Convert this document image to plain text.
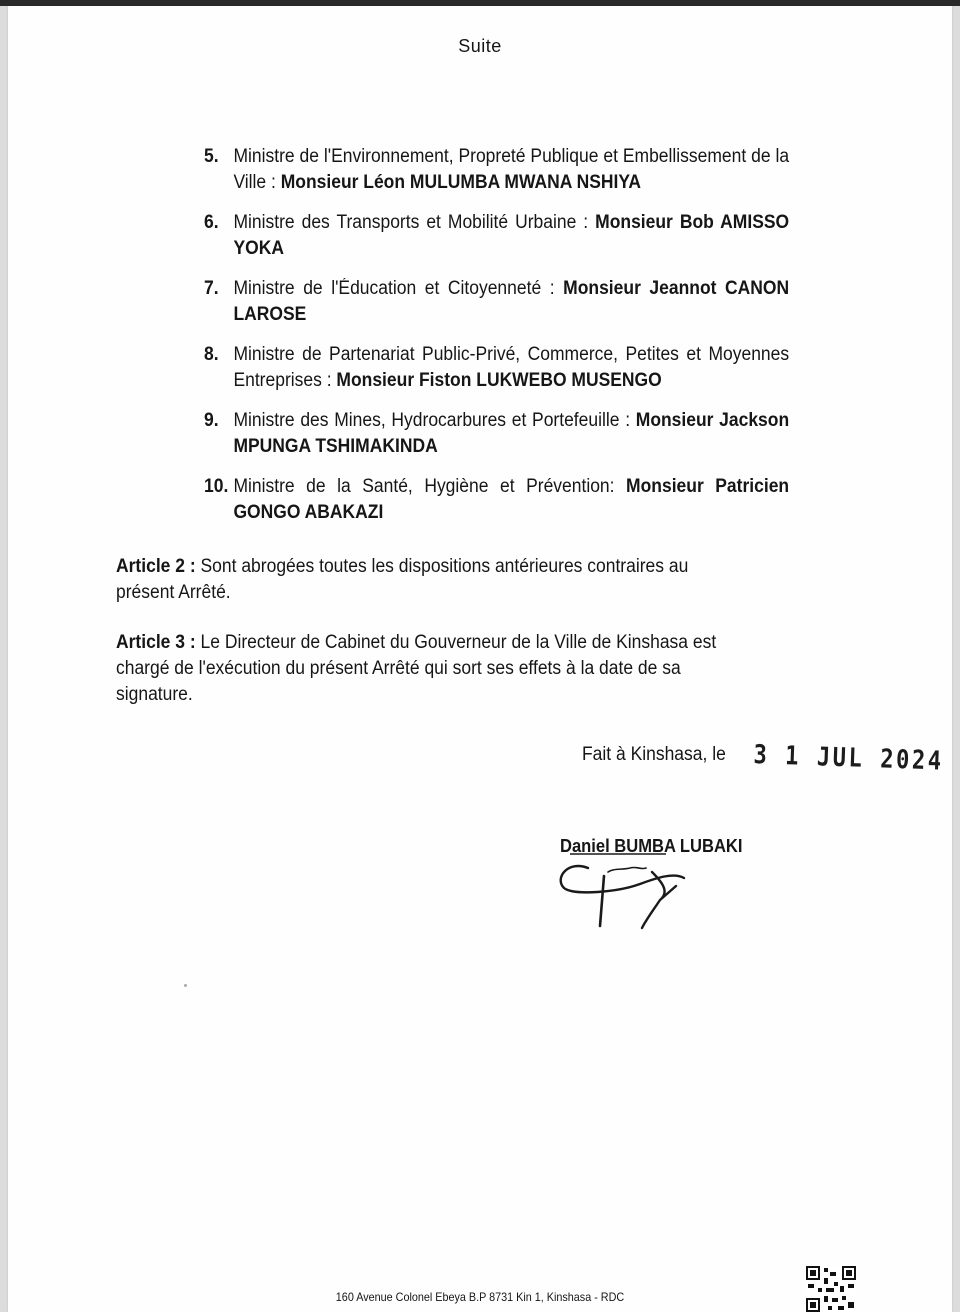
Suite
5. Ministre de l'Environnement, Propreté Publique et Embellissement de la Ville : Monsieur Léon MULUMBA MWANA NSHIYA
6. Ministre des Transports et Mobilité Urbaine : Monsieur Bob AMISSO YOKA
7. Ministre de l'Éducation et Citoyenneté : Monsieur Jeannot CANON LAROSE
8. Ministre de Partenariat Public-Privé, Commerce, Petites et Moyennes Entreprises : Monsieur Fiston LUKWEBO MUSENGO
9. Ministre des Mines, Hydrocarbures et Portefeuille : Monsieur Jackson MPUNGA TSHIMAKINDA
10. Ministre de la Santé, Hygiène et Prévention: Monsieur Patricien GONGO ABAKAZI
Article 2 : Sont abrogées toutes les dispositions antérieures contraires au présent Arrêté.
Article 3 : Le Directeur de Cabinet du Gouverneur de la Ville de Kinshasa est chargé de l'exécution du présent Arrêté qui sort ses effets à la date de sa signature.
Fait à Kinshasa, le 3 1 JUL 2024
Daniel BUMBA LUBAKI
160 Avenue Colonel Ebeya B.P 8731 Kin 1, Kinshasa - RDC
